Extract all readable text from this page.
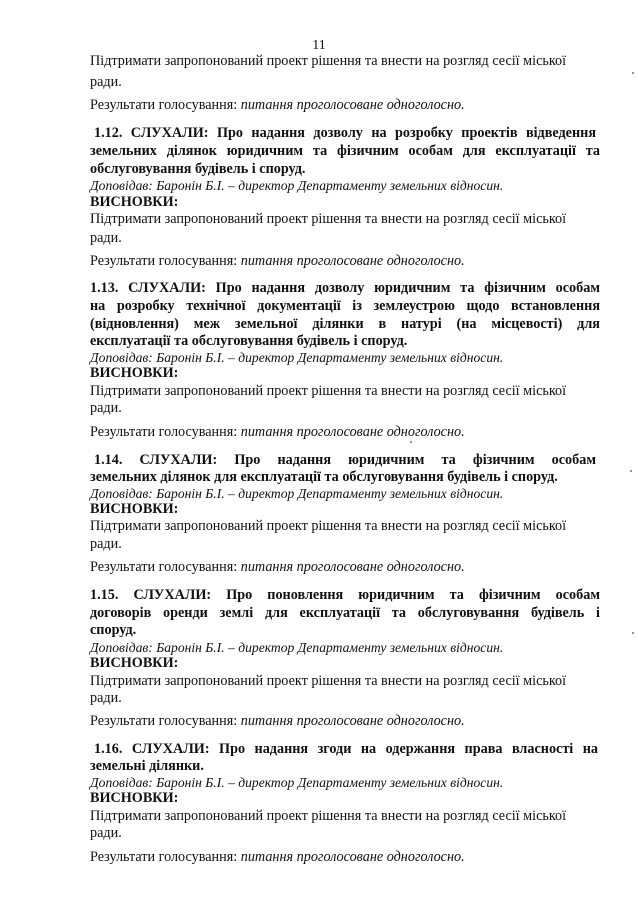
11
Підтримати запропонований проект рішення та внести на розгляд сесії міської
ради.
Результати голосування: питання проголосоване одноголосно.
1.12. СЛУХАЛИ: Про надання дозволу на розробку проектів відведення
земельних ділянок юридичним та фізичним особам для експлуатації та
обслуговування будівель і споруд.
Доповідав: Баронін Б.І. – директор Департаменту земельних відносин.
ВИСНОВКИ:
Підтримати запропонований проект рішення та внести на розгляд сесії міської
ради.
Результати голосування: питання проголосоване одноголосно.
1.13. СЛУХАЛИ: Про надання дозволу юридичним та фізичним особам
на розробку технічної документації із землеустрою щодо встановлення
(відновлення) меж земельної ділянки в натурі (на місцевості) для
експлуатації та обслуговування будівель і споруд.
Доповідав: Баронін Б.І. – директор Департаменту земельних відносин.
ВИСНОВКИ:
Підтримати запропонований проект рішення та внести на розгляд сесії міської
ради.
Результати голосування: питання проголосоване одноголосно.
1.14. СЛУХАЛИ: Про надання юридичним та фізичним особам
земельних ділянок для експлуатації та обслуговування будівель і споруд.
Доповідав: Баронін Б.І. – директор Департаменту земельних відносин.
ВИСНОВКИ:
Підтримати запропонований проект рішення та внести на розгляд сесії міської
ради.
Результати голосування: питання проголосоване одноголосно.
1.15. СЛУХАЛИ: Про поновлення юридичним та фізичним особам
договорів оренди землі для експлуатації та обслуговування будівель і
споруд.
Доповідав: Баронін Б.І. – директор Департаменту земельних відносин.
ВИСНОВКИ:
Підтримати запропонований проект рішення та внести на розгляд сесії міської
ради.
Результати голосування: питання проголосоване одноголосно.
1.16. СЛУХАЛИ: Про надання згоди на одержання права власності на
земельні ділянки.
Доповідав: Баронін Б.І. – директор Департаменту земельних відносин.
ВИСНОВКИ:
Підтримати запропонований проект рішення та внести на розгляд сесії міської
ради.
Результати голосування: питання проголосоване одноголосно.
